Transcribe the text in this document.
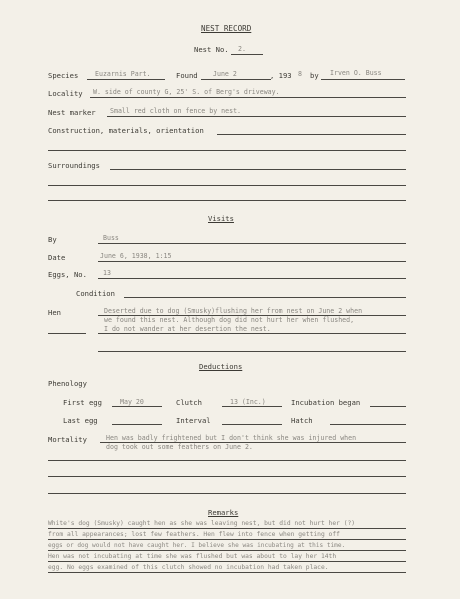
NEST RECORD
Nest No. 2.
Species	Euzarnis Part.	Found June 2	, 193 8 by Irven O. Buss
Locality W. side of county G, 25' S. of Berg's driveway.
Nest marker Small red cloth on fence by nest.
Construction, materials, orientation
Surroundings
Visits
By	Buss
Date	June 6, 1938, 1:15
Eggs, No. 13
Condition
Hen	Deserted due to dog (Smusky)flushing her from nest on June 2 when
we found this nest. Although dog did not hurt her when flushed,
I do not wander at her desertion the nest.
Deductions
Phenology
First egg	May 20	Clutch	13 (Inc.)	Incubation began
Last egg	Interval	Hatch
Mortality	Hen was badly frightened but I don't think she was injured when
dog took out some feathers on June 2.
Remarks
White's dog (Smusky) caught hen as she was leaving nest, but did not hurt her (?)
from all appearances; lost few feathers. Hen flew into fence when getting off
eggs or dog would not have caught her. I believe she was incubating at this time.
Hen was not incubating at time she was flushed but was about to lay her 14th
egg. No eggs examined of this clutch showed no incubation had taken place.
